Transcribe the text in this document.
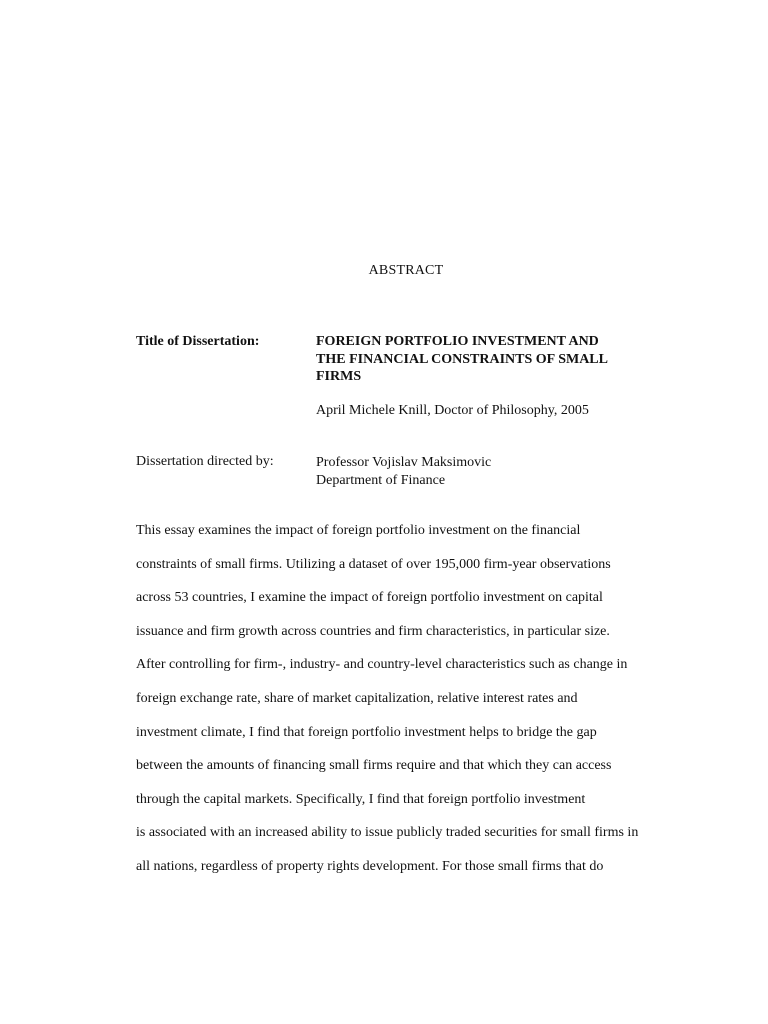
ABSTRACT
Title of Dissertation:	FOREIGN PORTFOLIO INVESTMENT AND
THE FINANCIAL CONSTRAINTS OF SMALL
FIRMS
April Michele Knill, Doctor of Philosophy, 2005
Dissertation directed by:	Professor Vojislav Maksimovic
Department of Finance
This essay examines the impact of foreign portfolio investment on the financial
constraints of small firms. Utilizing a dataset of over 195,000 firm-year observations
across 53 countries, I examine the impact of foreign portfolio investment on capital
issuance and firm growth across countries and firm characteristics, in particular size.
After controlling for firm-, industry- and country-level characteristics such as change in
foreign exchange rate, share of market capitalization, relative interest rates and
investment climate, I find that foreign portfolio investment helps to bridge the gap
between the amounts of financing small firms require and that which they can access
through the capital markets. Specifically, I find that foreign portfolio investment
is associated with an increased ability to issue publicly traded securities for small firms in
all nations, regardless of property rights development. For those small firms that do
